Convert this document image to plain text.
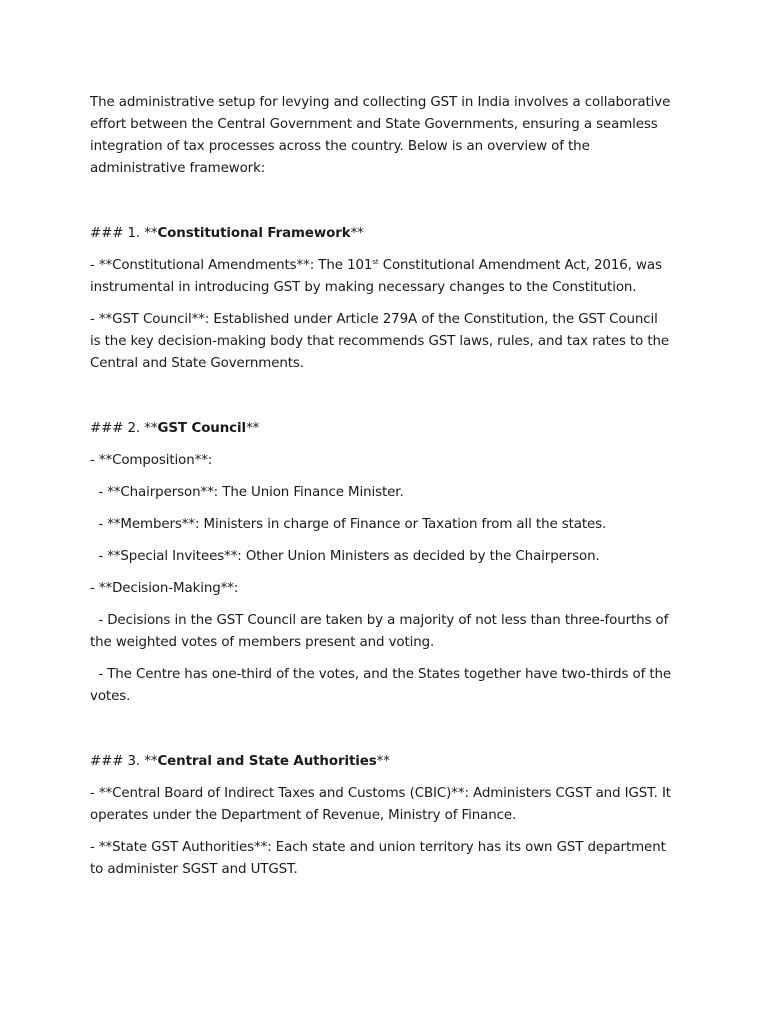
The administrative setup for levying and collecting GST in India involves a collaborative effort between the Central Government and State Governments, ensuring a seamless integration of tax processes across the country. Below is an overview of the administrative framework:

### 1. **Constitutional Framework**

- **Constitutional Amendments**: The 101st Constitutional Amendment Act, 2016, was instrumental in introducing GST by making necessary changes to the Constitution.

- **GST Council**: Established under Article 279A of the Constitution, the GST Council is the key decision-making body that recommends GST laws, rules, and tax rates to the Central and State Governments.

### 2. **GST Council**

- **Composition**:

- **Chairperson**: The Union Finance Minister.

- **Members**: Ministers in charge of Finance or Taxation from all the states.

- **Special Invitees**: Other Union Ministers as decided by the Chairperson.

- **Decision-Making**:

- Decisions in the GST Council are taken by a majority of not less than three-fourths of the weighted votes of members present and voting.

- The Centre has one-third of the votes, and the States together have two-thirds of the votes.

### 3. **Central and State Authorities**

- **Central Board of Indirect Taxes and Customs (CBIC)**: Administers CGST and IGST. It operates under the Department of Revenue, Ministry of Finance.

- **State GST Authorities**: Each state and union territory has its own GST department to administer SGST and UTGST.
